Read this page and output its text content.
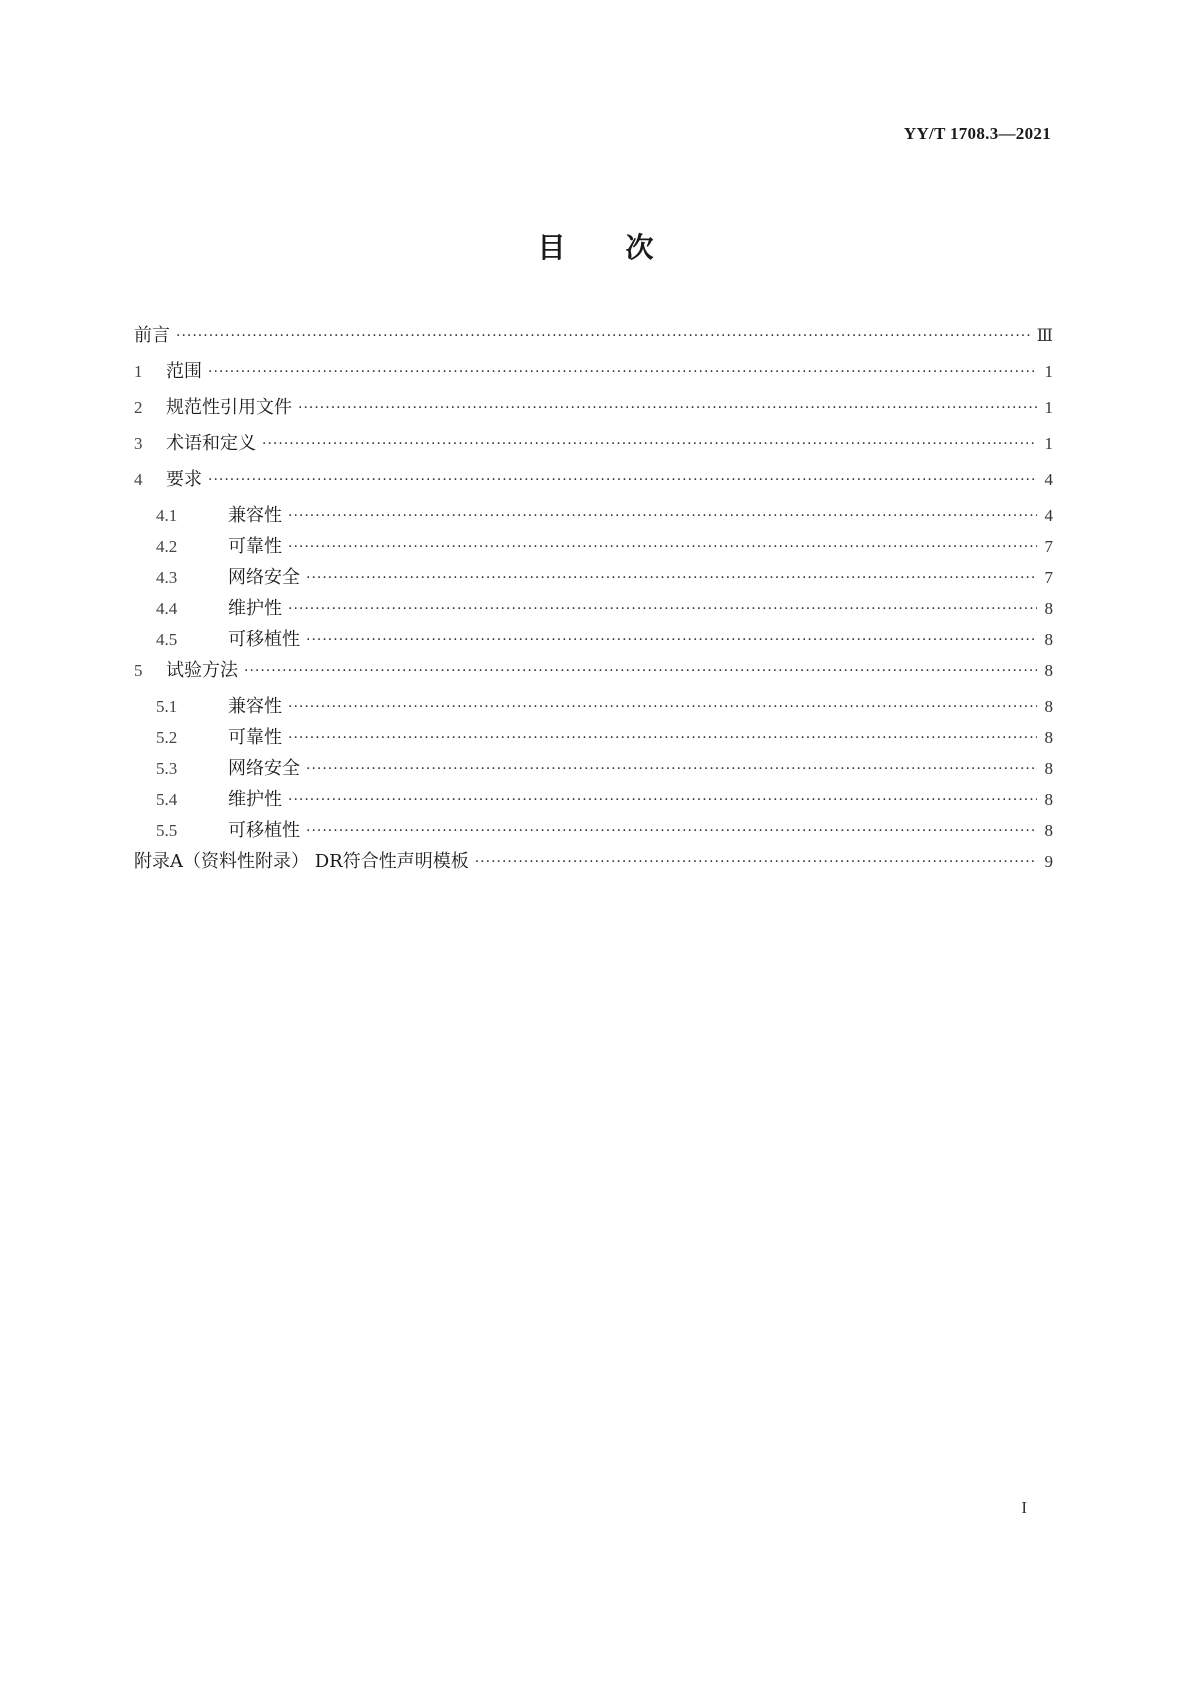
YY/T 1708.3—2021
目次
前言 ·····	Ⅲ
1	范围 ·····	1
2	规范性引用文件 ·····	1
3	术语和定义 ·····	1
4	要求 ·····	4
4.1	兼容性 ·····	4
4.2	可靠性 ·····	7
4.3	网络安全 ·····	7
4.4	维护性 ·····	8
4.5	可移植性 ·····	8
5	试验方法 ·····	8
5.1	兼容性 ·····	8
5.2	可靠性 ·····	8
5.3	网络安全 ·····	8
5.4	维护性 ·····	8
5.5	可移植性 ·····	8
附录A（资料性附录） DR符合性声明模板 ·····	9
I
